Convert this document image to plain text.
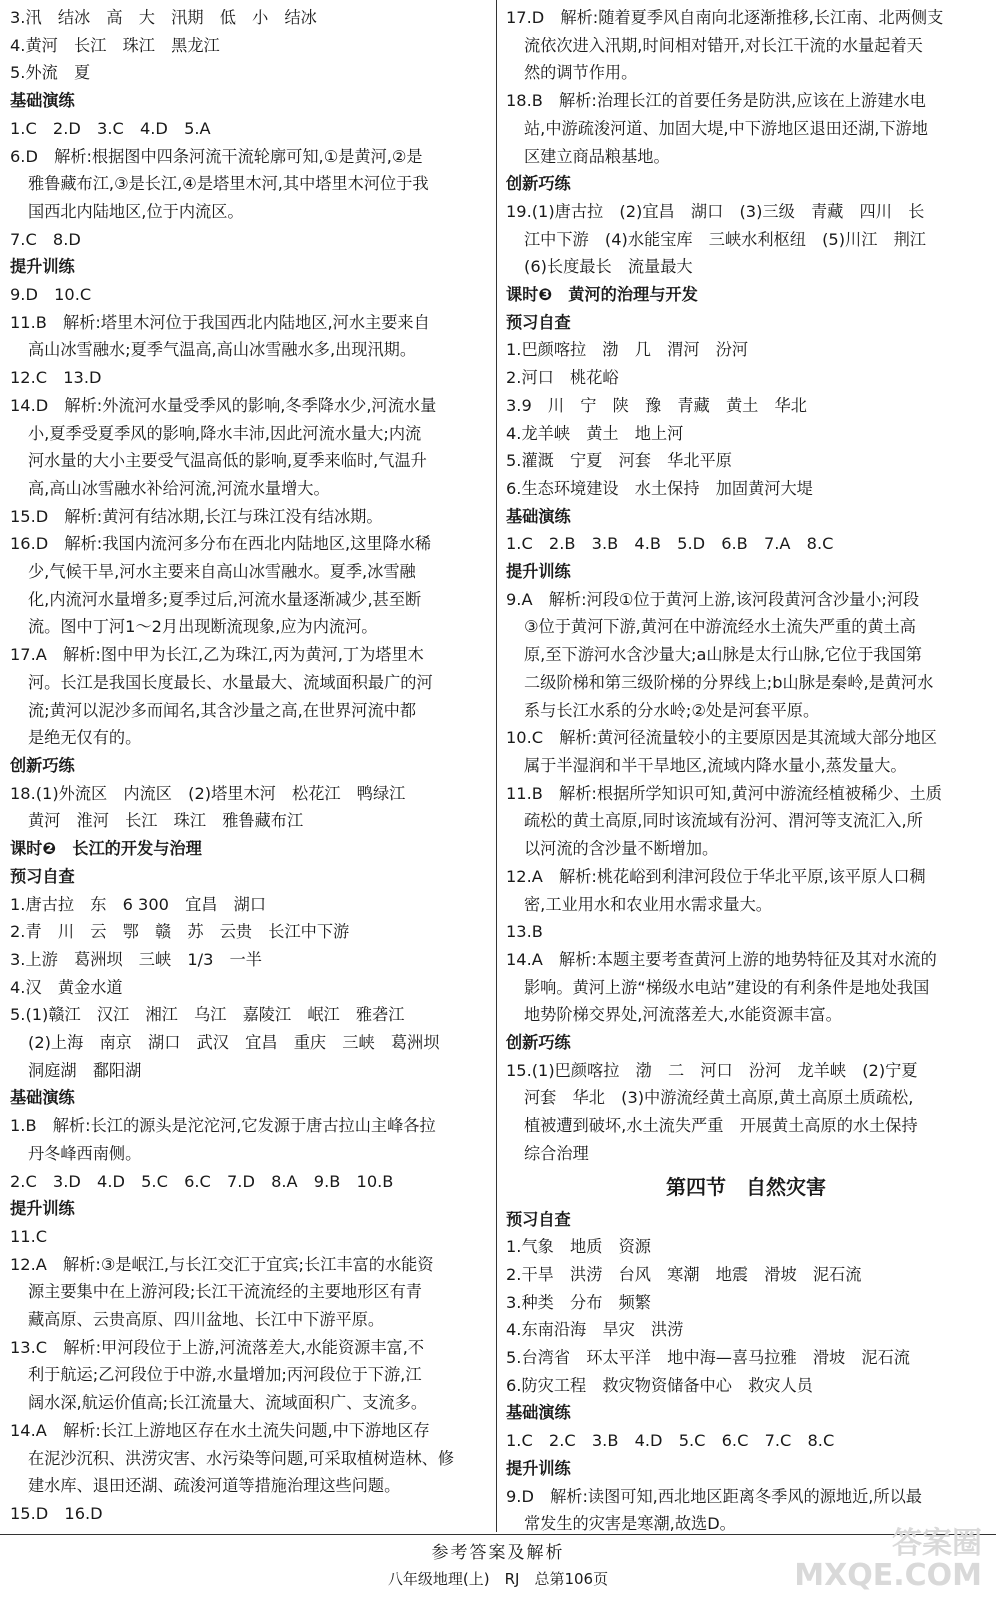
3.汛　结冰　高　大　汛期　低　小　结冰
4.黄河　长江　珠江　黑龙江
5.外流　夏
基础演练
1.C　2.D　3.C　4.D　5.A
6.D　解析:根据图中四条河流干流轮廓可知,①是黄河,②是
雅鲁藏布江,③是长江,④是塔里木河,其中塔里木河位于我
国西北内陆地区,位于内流区。
7.C　8.D
提升训练
9.D　10.C
11.B　解析:塔里木河位于我国西北内陆地区,河水主要来自
高山冰雪融水;夏季气温高,高山冰雪融水多,出现汛期。
12.C　13.D
14.D　解析:外流河水量受季风的影响,冬季降水少,河流水量
小,夏季受夏季风的影响,降水丰沛,因此河流水量大;内流
河水量的大小主要受气温高低的影响,夏季来临时,气温升
高,高山冰雪融水补给河流,河流水量增大。
15.D　解析:黄河有结冰期,长江与珠江没有结冰期。
16.D　解析:我国内流河多分布在西北内陆地区,这里降水稀
少,气候干旱,河水主要来自高山冰雪融水。夏季,冰雪融
化,内流河水量增多;夏季过后,河流水量逐渐减少,甚至断
流。图中丁河1～2月出现断流现象,应为内流河。
17.A　解析:图中甲为长江,乙为珠江,丙为黄河,丁为塔里木
河。长江是我国长度最长、水量最大、流域面积最广的河
流;黄河以泥沙多而闻名,其含沙量之高,在世界河流中都
是绝无仅有的。
创新巧练
18.(1)外流区　内流区　(2)塔里木河　松花江　鸭绿江
黄河　淮河　长江　珠江　雅鲁藏布江
课时❷　长江的开发与治理
预习自查
1.唐古拉　东　6 300　宜昌　湖口
2.青　川　云　鄂　赣　苏　云贵　长江中下游
3.上游　葛洲坝　三峡　1/3　一半
4.汉　黄金水道
5.(1)赣江　汉江　湘江　乌江　嘉陵江　岷江　雅砻江
(2)上海　南京　湖口　武汉　宜昌　重庆　三峡　葛洲坝
洞庭湖　鄱阳湖
基础演练
1.B　解析:长江的源头是沱沱河,它发源于唐古拉山主峰各拉
丹冬峰西南侧。
2.C　3.D　4.D　5.C　6.C　7.D　8.A　9.B　10.B
提升训练
11.C
12.A　解析:③是岷江,与长江交汇于宜宾;长江丰富的水能资
源主要集中在上游河段;长江干流流经的主要地形区有青
藏高原、云贵高原、四川盆地、长江中下游平原。
13.C　解析:甲河段位于上游,河流落差大,水能资源丰富,不
利于航运;乙河段位于中游,水量增加;丙河段位于下游,江
阔水深,航运价值高;长江流量大、流域面积广、支流多。
14.A　解析:长江上游地区存在水土流失问题,中下游地区存
在泥沙沉积、洪涝灾害、水污染等问题,可采取植树造林、修
建水库、退田还湖、疏浚河道等措施治理这些问题。
15.D　16.D
17.D　解析:随着夏季风自南向北逐渐推移,长江南、北两侧支
流依次进入汛期,时间相对错开,对长江干流的水量起着天
然的调节作用。
18.B　解析:治理长江的首要任务是防洪,应该在上游建水电
站,中游疏浚河道、加固大堤,中下游地区退田还湖,下游地
区建立商品粮基地。
创新巧练
19.(1)唐古拉　(2)宜昌　湖口　(3)三级　青藏　四川　长
江中下游　(4)水能宝库　三峡水利枢纽　(5)川江　荆江
(6)长度最长　流量最大
课时❸　黄河的治理与开发
预习自查
1.巴颜喀拉　渤　几　渭河　汾河
2.河口　桃花峪
3.9　川　宁　陕　豫　青藏　黄土　华北
4.龙羊峡　黄土　地上河
5.灌溉　宁夏　河套　华北平原
6.生态环境建设　水土保持　加固黄河大堤
基础演练
1.C　2.B　3.B　4.B　5.D　6.B　7.A　8.C
提升训练
9.A　解析:河段①位于黄河上游,该河段黄河含沙量小;河段
③位于黄河下游,黄河在中游流经水土流失严重的黄土高
原,至下游河水含沙量大;a山脉是太行山脉,它位于我国第
二级阶梯和第三级阶梯的分界线上;b山脉是秦岭,是黄河水
系与长江水系的分水岭;②处是河套平原。
10.C　解析:黄河径流量较小的主要原因是其流域大部分地区
属于半湿润和半干旱地区,流域内降水量小,蒸发量大。
11.B　解析:根据所学知识可知,黄河中游流经植被稀少、土质
疏松的黄土高原,同时该流域有汾河、渭河等支流汇入,所
以河流的含沙量不断增加。
12.A　解析:桃花峪到利津河段位于华北平原,该平原人口稠
密,工业用水和农业用水需求量大。
13.B
14.A　解析:本题主要考查黄河上游的地势特征及其对水流的
影响。黄河上游“梯级水电站”建设的有利条件是地处我国
地势阶梯交界处,河流落差大,水能资源丰富。
创新巧练
15.(1)巴颜喀拉　渤　二　河口　汾河　龙羊峡　(2)宁夏
河套　华北　(3)中游流经黄土高原,黄土高原土质疏松,
植被遭到破坏,水土流失严重　开展黄土高原的水土保持
综合治理
第四节　自然灾害
预习自查
1.气象　地质　资源
2.干旱　洪涝　台风　寒潮　地震　滑坡　泥石流
3.种类　分布　频繁
4.东南沿海　旱灾　洪涝
5.台湾省　环太平洋　地中海—喜马拉雅　滑坡　泥石流
6.防灾工程　救灾物资储备中心　救灾人员
基础演练
1.C　2.C　3.B　4.D　5.C　6.C　7.C　8.C
提升训练
9.D　解析:读图可知,西北地区距离冬季风的源地近,所以最
常发生的灾害是寒潮,故选D。
参考答案及解析
八年级地理(上)　RJ　总第106页
答案圈
MXQE.COM
